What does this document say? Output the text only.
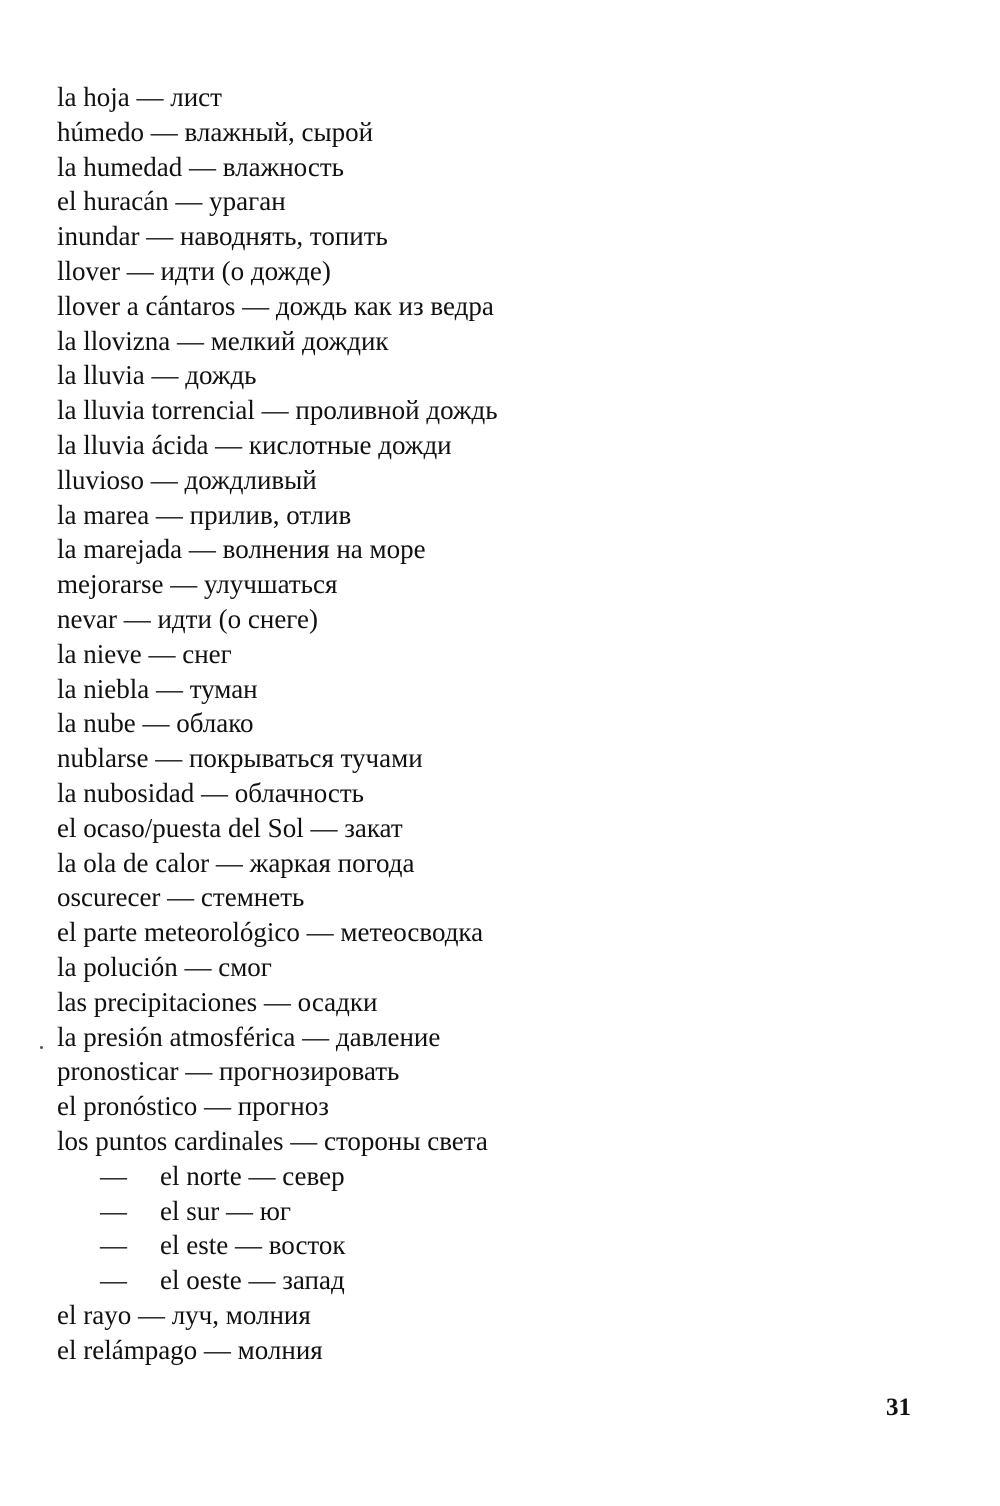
la hoja — лист
húmedo — влажный, сырой
la humedad — влажность
el huracán — ураган
inundar — наводнять, топить
llover — идти (о дожде)
llover a cántaros — дождь как из ведра
la llovizna — мелкий дождик
la lluvia — дождь
la lluvia torrencial — проливной дождь
la lluvia ácida — кислотные дожди
lluvioso — дождливый
la marea — прилив, отлив
la marejada — волнения на море
mejorarse — улучшаться
nevar — идти (о снеге)
la nieve — снег
la niebla — туман
la nube — облако
nublarse — покрываться тучами
la nubosidad — облачность
el ocaso/puesta del Sol — закат
la ola de calor — жаркая погода
oscurecer — стемнеть
el parte meteorológico — метеосводка
la polución — смог
las precipitaciones — осадки
la presión atmosférica — давление
pronosticar — прогнозировать
el pronóstico — прогноз
los puntos cardinales — стороны света
— el norte — север
— el sur — юг
— el este — восток
— el oeste — запад
el rayo — луч, молния
el relámpago — молния
31
